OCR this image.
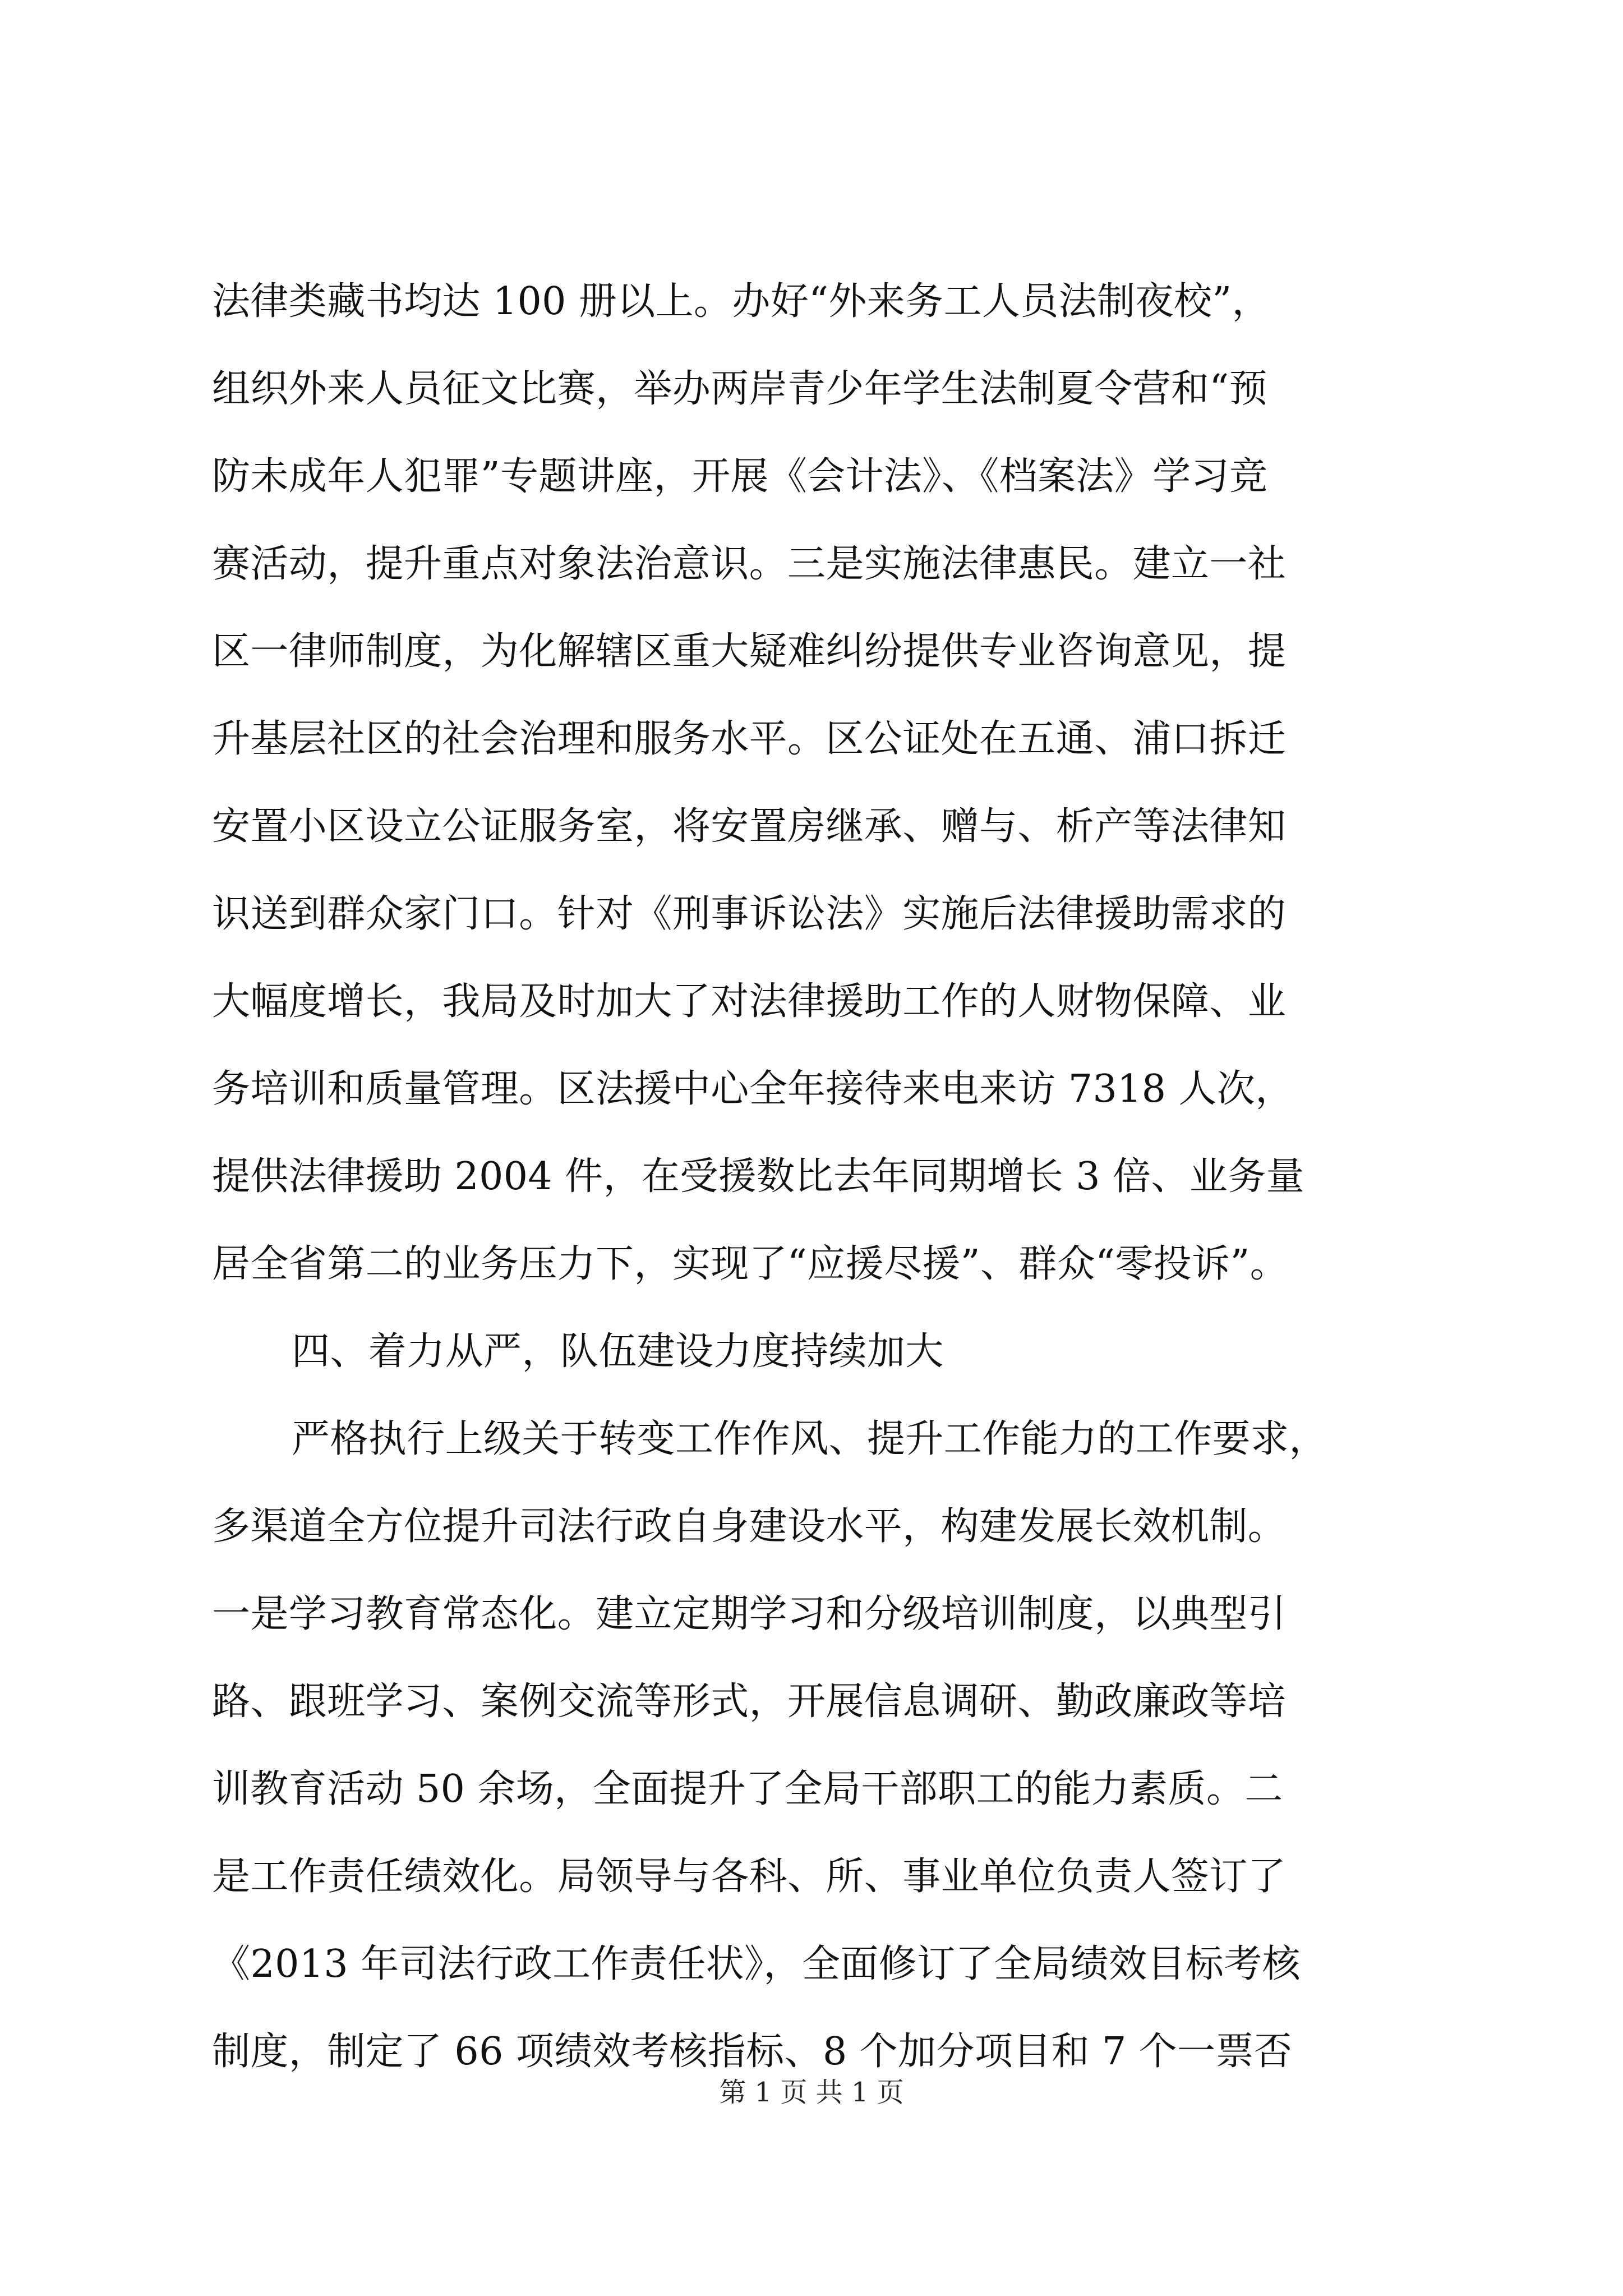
法律类藏书均达 100 册以上。办好“外来务工人员法制夜校”，
组织外来人员征文比赛，举办两岸青少年学生法制夏令营和“预
防未成年人犯罪”专题讲座，开展《会计法》、《档案法》学习竞
赛活动，提升重点对象法治意识。三是实施法律惠民。建立一社
区一律师制度，为化解辖区重大疑难纠纷提供专业咨询意见，提
升基层社区的社会治理和服务水平。区公证处在五通、浦口拆迁
安置小区设立公证服务室，将安置房继承、赠与、析产等法律知
识送到群众家门口。针对《刑事诉讼法》实施后法律援助需求的
大幅度增长，我局及时加大了对法律援助工作的人财物保障、业
务培训和质量管理。区法援中心全年接待来电来访 7318 人次，
提供法律援助 2004 件，在受援数比去年同期增长 3 倍、业务量
居全省第二的业务压力下，实现了“应援尽援”、群众“零投诉”。
四、着力从严，队伍建设力度持续加大
严格执行上级关于转变工作作风、提升工作能力的工作要求，
多渠道全方位提升司法行政自身建设水平，构建发展长效机制。
一是学习教育常态化。建立定期学习和分级培训制度，以典型引
路、跟班学习、案例交流等形式，开展信息调研、勤政廉政等培
训教育活动 50 余场，全面提升了全局干部职工的能力素质。二
是工作责任绩效化。局领导与各科、所、事业单位负责人签订了
《2013 年司法行政工作责任状》，全面修订了全局绩效目标考核
制度，制定了 66 项绩效考核指标、8 个加分项目和 7 个一票否
第 1 页 共 1 页
